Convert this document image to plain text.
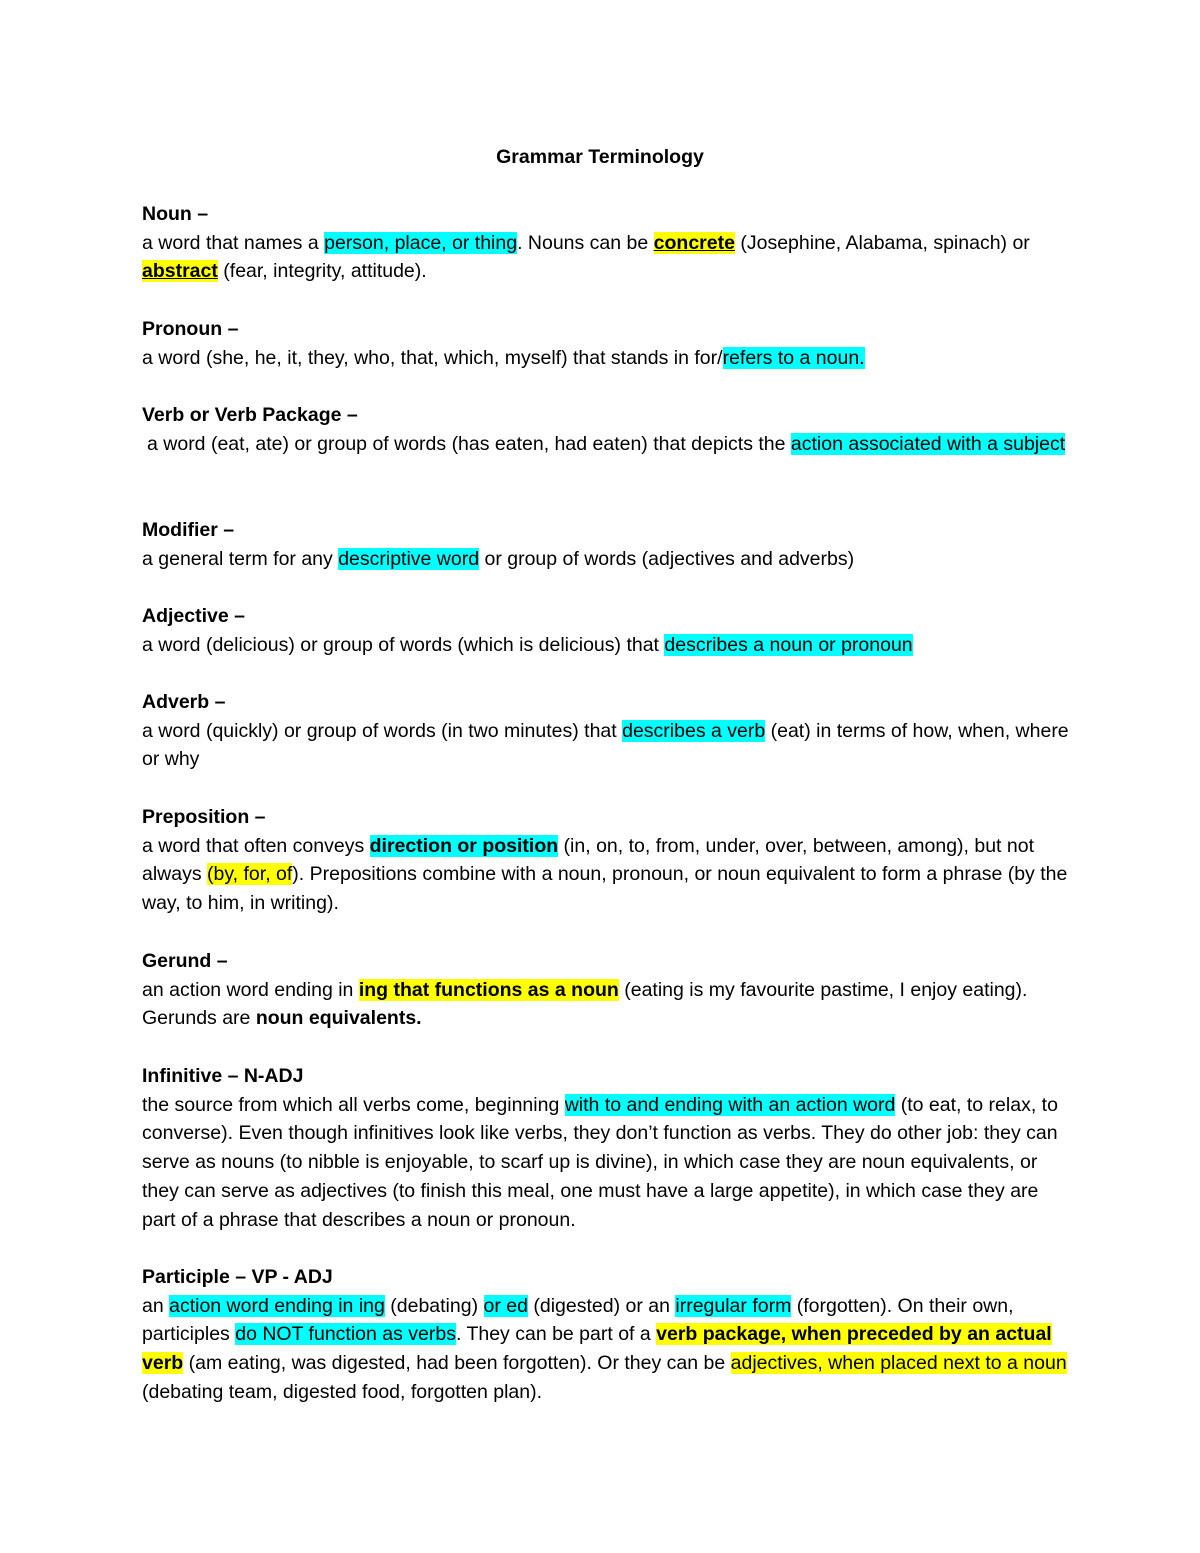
Grammar Terminology
Noun –
a word that names a person, place, or thing. Nouns can be concrete (Josephine, Alabama, spinach) or abstract (fear, integrity, attitude).
Pronoun –
a word (she, he, it, they, who, that, which, myself) that stands in for/refers to a noun.
Verb or Verb Package –
a word (eat, ate) or group of words (has eaten, had eaten) that depicts the action associated with a subject
Modifier –
a general term for any descriptive word or group of words (adjectives and adverbs)
Adjective –
a word (delicious) or group of words (which is delicious) that describes a noun or pronoun
Adverb –
a word (quickly) or group of words (in two minutes) that describes a verb (eat) in terms of how, when, where or why
Preposition –
a word that often conveys direction or position (in, on, to, from, under, over, between, among), but not always (by, for, of). Prepositions combine with a noun, pronoun, or noun equivalent to form a phrase (by the way, to him, in writing).
Gerund –
an action word ending in ing that functions as a noun (eating is my favourite pastime, I enjoy eating). Gerunds are noun equivalents.
Infinitive – N-ADJ
the source from which all verbs come, beginning with to and ending with an action word (to eat, to relax, to converse). Even though infinitives look like verbs, they don’t function as verbs. They do other job: they can serve as nouns (to nibble is enjoyable, to scarf up is divine), in which case they are noun equivalents, or they can serve as adjectives (to finish this meal, one must have a large appetite), in which case they are part of a phrase that describes a noun or pronoun.
Participle – VP - ADJ
an action word ending in ing (debating) or ed (digested) or an irregular form (forgotten). On their own, participles do NOT function as verbs. They can be part of a verb package, when preceded by an actual verb (am eating, was digested, had been forgotten). Or they can be adjectives, when placed next to a noun (debating team, digested food, forgotten plan).
